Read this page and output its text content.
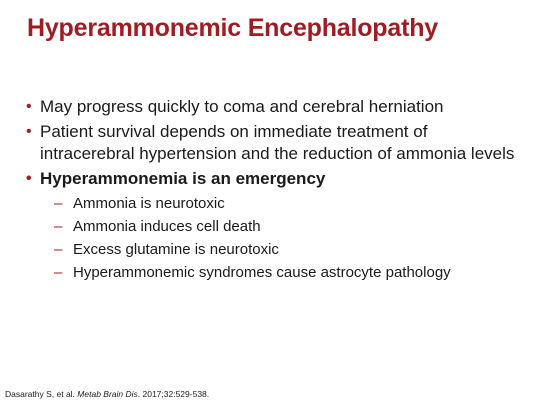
Hyperammonemic Encephalopathy
• May progress quickly to coma and cerebral herniation
• Patient survival depends on immediate treatment of intracerebral hypertension and the reduction of ammonia levels
• Hyperammonemia is an emergency
– Ammonia is neurotoxic
– Ammonia induces cell death
– Excess glutamine is neurotoxic
– Hyperammonemic syndromes cause astrocyte pathology
Dasarathy S, et al. Metab Brain Dis. 2017;32:529-538.
